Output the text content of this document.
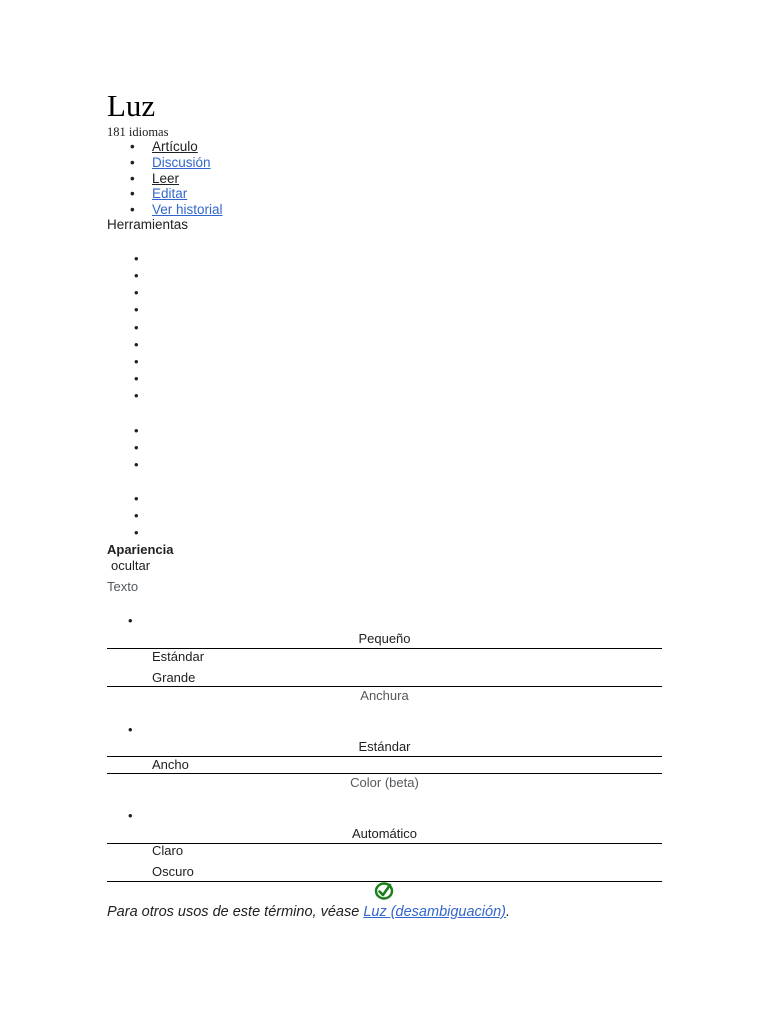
Luz
181 idiomas
• Artículo
• Discusión
• Leer
• Editar
• Ver historial
Herramientas
•
•
•
•
•
•
•
•
•
•
•
•
•
•
•
Apariencia
ocultar
Texto
•
Pequeño
Estándar
Grande
Anchura
•
Estándar
Ancho
Color (beta)
•
Automático
Claro
Oscuro
Para otros usos de este término, véase Luz (desambiguación).
